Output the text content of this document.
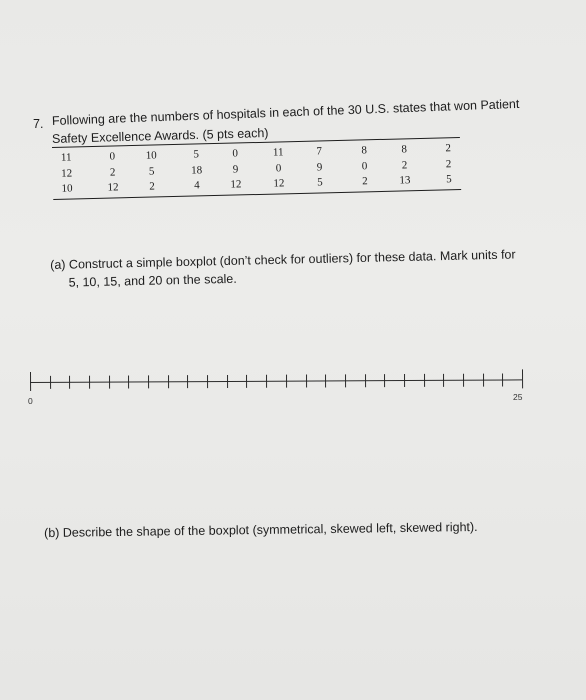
7. Following are the numbers of hospitals in each of the 30 U.S. states that won Patient
Safety Excellence Awards. (5 pts each)
11	0	10	5	0	11	7	8	8	2
12	2	5	18	9	0	9	0	2	2
10	12	2	4	12	12	5	2	13	5
(a) Construct a simple boxplot (don’t check for outliers) for these data. Mark units for
5, 10, 15, and 20 on the scale.
0	25
(b) Describe the shape of the boxplot (symmetrical, skewed left, skewed right).
